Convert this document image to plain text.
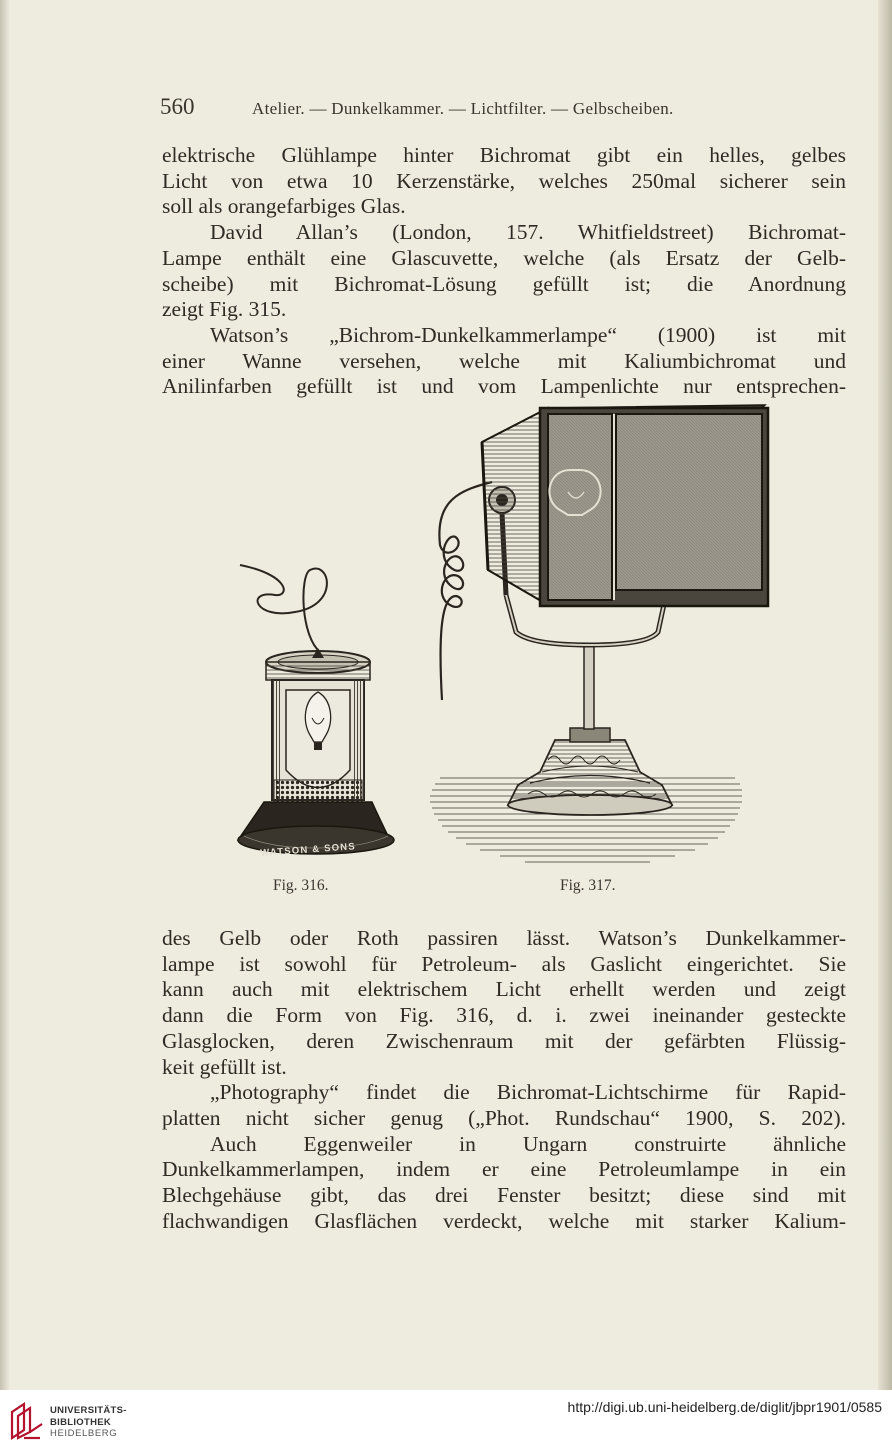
560	Atelier. — Dunkelkammer. — Lichtfilter. — Gelbscheiben.
elektrische Glühlampe hinter Bichromat gibt ein helles, gelbes
Licht von etwa 10 Kerzenstärke, welches 250mal sicherer sein
soll als orangefarbiges Glas.
David Allan’s (London, 157. Whitfieldstreet) Bichromat-
Lampe enthält eine Glascuvette, welche (als Ersatz der Gelb-
scheibe) mit Bichromat-Lösung gefüllt ist; die Anordnung
zeigt Fig. 315.
Watson’s „Bichrom-Dunkelkammerlampe“ (1900) ist mit
einer Wanne versehen, welche mit Kaliumbichromat und
Anilinfarben gefüllt ist und vom Lampenlichte nur entsprechen-
WATSON & SONS
Fig. 316.	Fig. 317.
des Gelb oder Roth passiren lässt. Watson’s Dunkelkammer-
lampe ist sowohl für Petroleum- als Gaslicht eingerichtet. Sie
kann auch mit elektrischem Licht erhellt werden und zeigt
dann die Form von Fig. 316, d. i. zwei ineinander gesteckte
Glasglocken, deren Zwischenraum mit der gefärbten Flüssig-
keit gefüllt ist.
„Photography“ findet die Bichromat-Lichtschirme für Rapid-
platten nicht sicher genug („Phot. Rundschau“ 1900, S. 202).
Auch Eggenweiler in Ungarn construirte ähnliche
Dunkelkammerlampen, indem er eine Petroleumlampe in ein
Blechgehäuse gibt, das drei Fenster besitzt; diese sind mit
flachwandigen Glasflächen verdeckt, welche mit starker Kalium-
UNIVERSITÄTS-
BIBLIOTHEK
HEIDELBERG
http://digi.ub.uni-heidelberg.de/diglit/jbpr1901/0585
